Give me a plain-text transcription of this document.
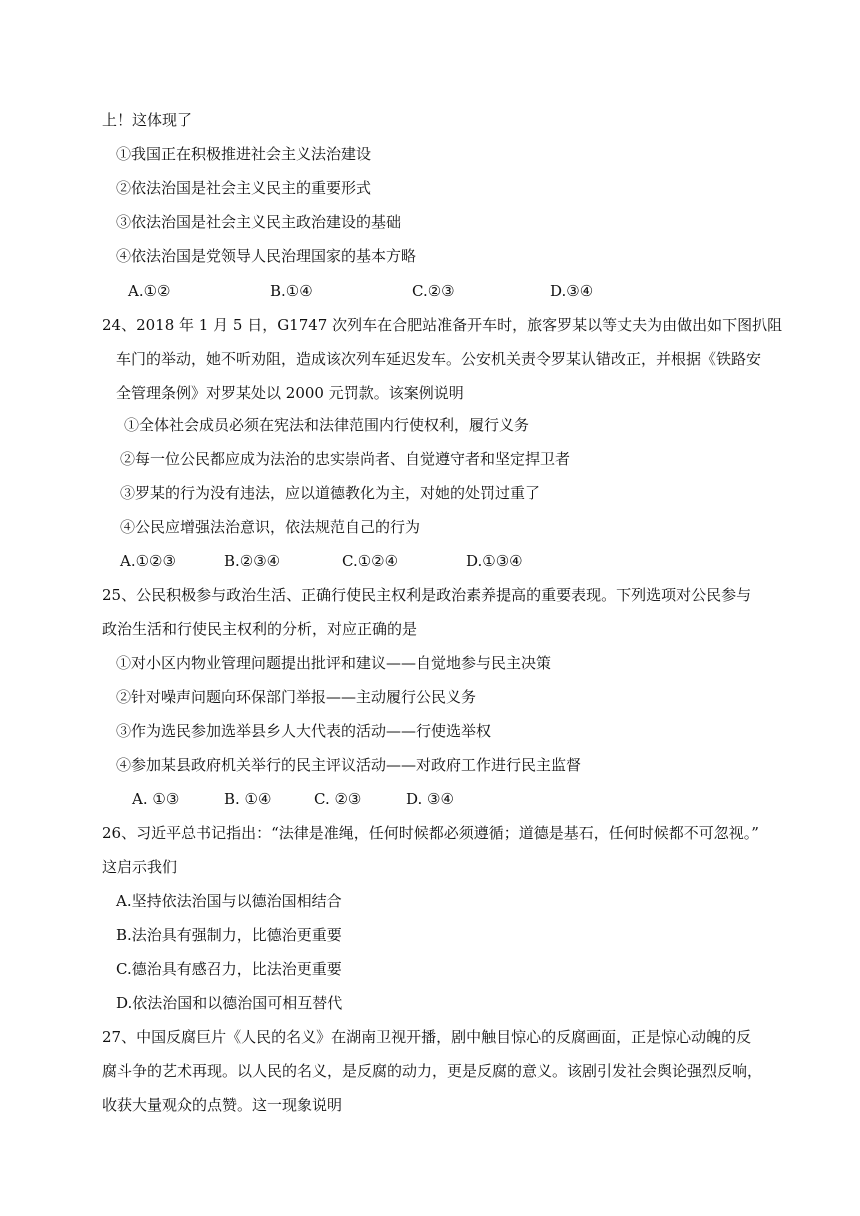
上！这体现了
①我国正在积极推进社会主义法治建设
②依法治国是社会主义民主的重要形式
③依法治国是社会主义民主政治建设的基础
④依法治国是党领导人民治理国家的基本方略
A.①②	B.①④	C.②③	D.③④
24、2018 年 1 月 5 日，G1747 次列车在合肥站准备开车时，旅客罗某以等丈夫为由做出如下图扒阻
车门的举动，她不听劝阻，造成该次列车延迟发车。公安机关责令罗某认错改正，并根据《铁路安
全管理条例》对罗某处以 2000 元罚款。该案例说明
①全体社会成员必须在宪法和法律范围内行使权利，履行义务
②每一位公民都应成为法治的忠实崇尚者、自觉遵守者和坚定捍卫者
③罗某的行为没有违法，应以道德教化为主，对她的处罚过重了
④公民应增强法治意识，依法规范自己的行为
A.①②③	B.②③④	C.①②④	D.①③④
25、公民积极参与政治生活、正确行使民主权利是政治素养提高的重要表现。下列选项对公民参与
政治生活和行使民主权利的分析，对应正确的是
①对小区内物业管理问题提出批评和建议——自觉地参与民主决策
②针对噪声问题向环保部门举报——主动履行公民义务
③作为选民参加选举县乡人大代表的活动——行使选举权
④参加某县政府机关举行的民主评议活动——对政府工作进行民主监督
A. ①③	B. ①④	C. ②③	D. ③④
26、习近平总书记指出：“法律是准绳，任何时候都必须遵循；道德是基石，任何时候都不可忽视。”
这启示我们
A.坚持依法治国与以德治国相结合
B.法治具有强制力，比德治更重要
C.德治具有感召力，比法治更重要
D.依法治国和以德治国可相互替代
27、中国反腐巨片《人民的名义》在湖南卫视开播，剧中触目惊心的反腐画面，正是惊心动魄的反
腐斗争的艺术再现。以人民的名义，是反腐的动力，更是反腐的意义。该剧引发社会舆论强烈反响，
收获大量观众的点赞。这一现象说明
